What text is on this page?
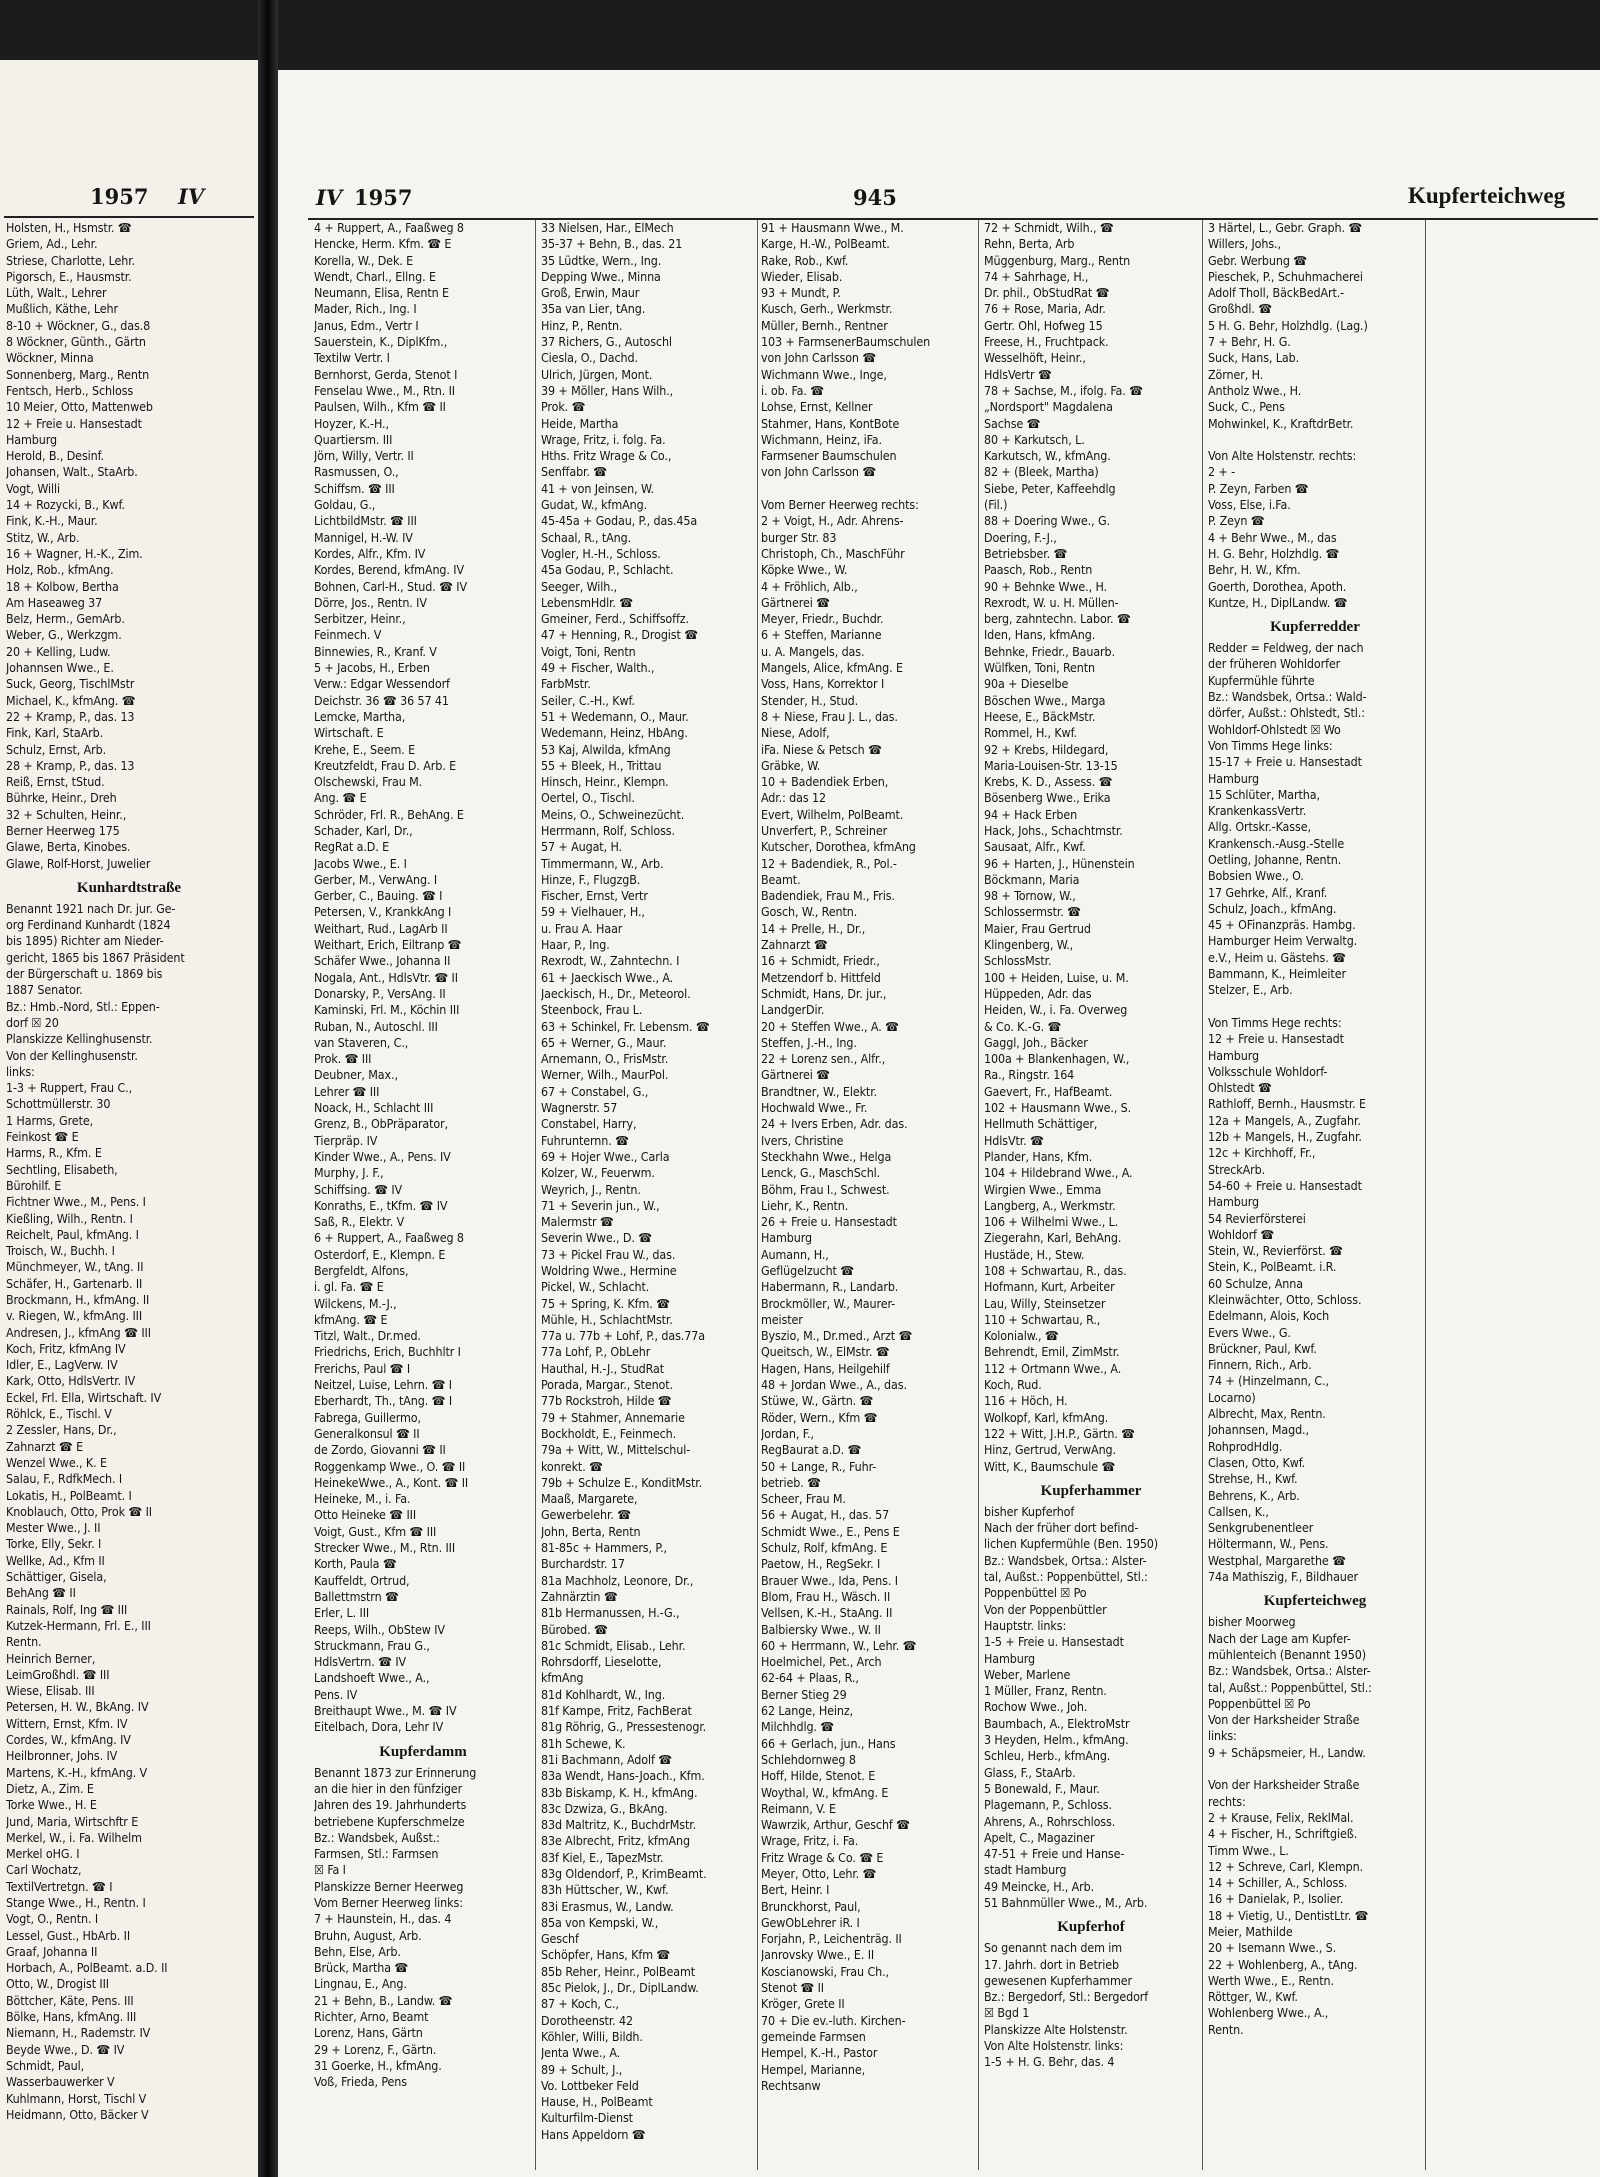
1957 IV
Holsten, H., Hsmstr. ☎
Griem, Ad., Lehr.
Striese, Charlotte, Lehr.
Pigorsch, E., Hausmstr.
Lüth, Walt., Lehrer
Mußlich, Käthe, Lehr
8-10 + Wöckner, G., das.8
8 Wöckner, Günth., Gärtn
Wöckner, Minna
Sonnenberg, Marg., Rentn
Fentsch, Herb., Schloss
10 Meier, Otto, Mattenweb
12 + Freie u. Hansestadt
Hamburg
Herold, B., Desinf.
Johansen, Walt., StaArb.
Vogt, Willi
14 + Rozycki, B., Kwf.
Fink, K.-H., Maur.
Stitz, W., Arb.
16 + Wagner, H.-K., Zim.
Holz, Rob., kfmAng.
18 + Kolbow, Bertha
Am Haseaweg 37
Belz, Herm., GemArb.
Weber, G., Werkzgm.
20 + Kelling, Ludw.
Johannsen Wwe., E.
Suck, Georg, TischlMstr
Michael, K., kfmAng. ☎
22 + Kramp, P., das. 13
Fink, Karl, StaArb.
Schulz, Ernst, Arb.
28 + Kramp, P., das. 13
Reiß, Ernst, tStud.
Bührke, Heinr., Dreh
32 + Schulten, Heinr.,
Berner Heerweg 175
Glawe, Berta, Kinobes.
Glawe, Rolf-Horst, Juwelier
Kunhardtstraße
Benannt 1921 nach Dr. jur. Ge-
org Ferdinand Kunhardt (1824
bis 1895) Richter am Nieder-
gericht, 1865 bis 1867 Präsident
der Bürgerschaft u. 1869 bis
1887 Senator.
Bz.: Hmb.-Nord, Stl.: Eppen-
dorf ☒ 20
Planskizze Kellinghusenstr.
Von der Kellinghusenstr.
links:
1-3 + Ruppert, Frau C.,
Schottmüllerstr. 30
1 Harms, Grete,
Feinkost ☎ E
Harms, R., Kfm. E
Sechtling, Elisabeth,
Bürohilf. E
Fichtner Wwe., M., Pens. I
Kießling, Wilh., Rentn. I
Reichelt, Paul, kfmAng. I
Troisch, W., Buchh. I
Münchmeyer, W., tAng. II
Schäfer, H., Gartenarb. II
Brockmann, H., kfmAng. II
v. Riegen, W., kfmAng. III
Andresen, J., kfmAng ☎ III
Koch, Fritz, kfmAng IV
Idler, E., LagVerw. IV
Kark, Otto, HdlsVertr. IV
Eckel, Frl. Ella, Wirtschaft. IV
Röhlck, E., Tischl. V
2 Zessler, Hans, Dr.,
Zahnarzt ☎ E
Wenzel Wwe., K. E
Salau, F., RdfkMech. I
Lokatis, H., PolBeamt. I
Knoblauch, Otto, Prok ☎ II
Mester Wwe., J. II
Torke, Elly, Sekr. I
Wellke, Ad., Kfm II
Schättiger, Gisela,
BehAng ☎ II
Rainals, Rolf, Ing ☎ III
Kutzek-Hermann, Frl. E., III
Rentn.
Heinrich Berner,
LeimGroßhdl. ☎ III
Wiese, Elisab. III
Petersen, H. W., BkAng. IV
Wittern, Ernst, Kfm. IV
Cordes, W., kfmAng. IV
Heilbronner, Johs. IV
Martens, K.-H., kfmAng. V
Dietz, A., Zim. E
Torke Wwe., H. E
Jund, Maria, Wirtschftr E
Merkel, W., i. Fa. Wilhelm
Merkel oHG. I
Carl Wochatz,
TextilVertretgn. ☎ I
Stange Wwe., H., Rentn. I
Vogt, O., Rentn. I
Lessel, Gust., HbArb. II
Graaf, Johanna II
Horbach, A., PolBeamt. a.D. II
Otto, W., Drogist III
Böttcher, Käte, Pens. III
Bölke, Hans, kfmAng. III
Niemann, H., Rademstr. IV
Beyde Wwe., D. ☎ IV
Schmidt, Paul,
Wasserbauwerker V
Kuhlmann, Horst, Tischl V
Heidmann, Otto, Bäcker V
IV 1957	945	Kupferteichweg
4 + Ruppert, A., Faaßweg 8
Hencke, Herm. Kfm. ☎ E
Korella, W., Dek. E
Wendt, Charl., Ellng. E
Neumann, Elisa, Rentn E
Mader, Rich., Ing. I
Janus, Edm., Vertr I
Sauerstein, K., DiplKfm.,
Textilw Vertr. I
Bernhorst, Gerda, Stenot I
Fenselau Wwe., M., Rtn. II
Paulsen, Wilh., Kfm ☎ II
Hoyzer, K.-H.,
Quartiersm. III
Jörn, Willy, Vertr. II
Rasmussen, O.,
Schiffsm. ☎ III
Goldau, G.,
LichtbildMstr. ☎ III
Mannigel, H.-W. IV
Kordes, Alfr., Kfm. IV
Kordes, Berend, kfmAng. IV
Bohnen, Carl-H., Stud. ☎ IV
Dörre, Jos., Rentn. IV
Serbitzer, Heinr.,
Feinmech. V
Binnewies, R., Kranf. V
5 + Jacobs, H., Erben
Verw.: Edgar Wessendorf
Deichstr. 36 ☎ 36 57 41
Lemcke, Martha,
Wirtschaft. E
Krehe, E., Seem. E
Kreutzfeldt, Frau D. Arb. E
Olschewski, Frau M.
Ang. ☎ E
Schröder, Frl. R., BehAng. E
Schader, Karl, Dr.,
RegRat a.D. E
Jacobs Wwe., E. I
Gerber, M., VerwAng. I
Gerber, C., Bauing. ☎ I
Petersen, V., KrankkAng I
Weithart, Rud., LagArb II
Weithart, Erich, Eiltranp ☎
Schäfer Wwe., Johanna II
Nogala, Ant., HdlsVtr. ☎ II
Donarsky, P., VersAng. II
Kaminski, Frl. M., Köchin III
Ruban, N., Autoschl. III
van Staveren, C.,
Prok. ☎ III
Deubner, Max.,
Lehrer ☎ III
Noack, H., Schlacht III
Grenz, B., ObPräparator,
Tierpräp. IV
Kinder Wwe., A., Pens. IV
Murphy, J. F.,
Schiffsing. ☎ IV
Konraths, E., tKfm. ☎ IV
Saß, R., Elektr. V
6 + Ruppert, A., Faaßweg 8
Osterdorf, E., Klempn. E
Bergfeldt, Alfons,
i. gl. Fa. ☎ E
Wilckens, M.-J.,
kfmAng. ☎ E
Titzl, Walt., Dr.med.
Friedrichs, Erich, Buchhltr I
Frerichs, Paul ☎ I
Neitzel, Luise, Lehrn. ☎ I
Eberhardt, Th., tAng. ☎ I
Fabrega, Guillermo,
Generalkonsul ☎ II
de Zordo, Giovanni ☎ II
Roggenkamp Wwe., O. ☎ II
HeinekeWwe., A., Kont. ☎ II
Heineke, M., i. Fa.
Otto Heineke ☎ III
Voigt, Gust., Kfm ☎ III
Strecker Wwe., M., Rtn. III
Korth, Paula ☎
Kauffeldt, Ortrud,
Ballettmstrn ☎
Erler, L. III
Reeps, Wilh., ObStew IV
Struckmann, Frau G.,
HdlsVertrn. ☎ IV
Landshoeft Wwe., A.,
Pens. IV
Breithaupt Wwe., M. ☎ IV
Eitelbach, Dora, Lehr IV
Kupferdamm
Benannt 1873 zur Erinnerung
an die hier in den fünfziger
Jahren des 19. Jahrhunderts
betriebene Kupferschmelze
Bz.: Wandsbek, Außst.:
Farmsen, Stl.: Farmsen
☒ Fa I
Planskizze Berner Heerweg
Vom Berner Heerweg links:
7 + Haunstein, H., das. 4
Bruhn, August, Arb.
Behn, Else, Arb.
Brück, Martha ☎
Lingnau, E., Ang.
21 + Behn, B., Landw. ☎
Richter, Arno, Beamt
Lorenz, Hans, Gärtn
29 + Lorenz, F., Gärtn.
31 Goerke, H., kfmAng.
Voß, Frieda, Pens
33 Nielsen, Har., ElMech
35-37 + Behn, B., das. 21
35 Lüdtke, Wern., Ing.
Depping Wwe., Minna
Groß, Erwin, Maur
35a van Lier, tAng.
Hinz, P., Rentn.
37 Richers, G., Autoschl
Ciesla, O., Dachd.
Ulrich, Jürgen, Mont.
39 + Möller, Hans Wilh.,
Prok. ☎
Heide, Martha
Wrage, Fritz, i. folg. Fa.
Hths. Fritz Wrage & Co.,
Senffabr. ☎
41 + von Jeinsen, W.
Gudat, W., kfmAng.
45-45a + Godau, P., das.45a
Schaal, R., tAng.
Vogler, H.-H., Schloss.
45a Godau, P., Schlacht.
Seeger, Wilh.,
LebensmHdlr. ☎
Gmeiner, Ferd., Schiffsoffz.
47 + Henning, R., Drogist ☎
Voigt, Toni, Rentn
49 + Fischer, Walth.,
FarbMstr.
Seiler, C.-H., Kwf.
51 + Wedemann, O., Maur.
Wedemann, Heinz, HbAng.
53 Kaj, Alwilda, kfmAng
55 + Bleek, H., Trittau
Hinsch, Heinr., Klempn.
Oertel, O., Tischl.
Meins, O., Schweinezücht.
Herrmann, Rolf, Schloss.
57 + Augat, H.
Timmermann, W., Arb.
Hinze, F., FlugzgB.
Fischer, Ernst, Vertr
59 + Vielhauer, H.,
u. Frau A. Haar
Haar, P., Ing.
Rexrodt, W., Zahntechn. I
61 + Jaeckisch Wwe., A.
Jaeckisch, H., Dr., Meteorol.
Steenbock, Frau L.
63 + Schinkel, Fr. Lebensm. ☎
65 + Werner, G., Maur.
Arnemann, O., FrisMstr.
Werner, Wilh., MaurPol.
67 + Constabel, G.,
Wagnerstr. 57
Constabel, Harry,
Fuhrunternn. ☎
69 + Hojer Wwe., Carla
Kolzer, W., Feuerwm.
Weyrich, J., Rentn.
71 + Severin jun., W.,
Malermstr ☎
Severin Wwe., D. ☎
73 + Pickel Frau W., das.
Woldring Wwe., Hermine
Pickel, W., Schlacht.
75 + Spring, K. Kfm. ☎
Mühle, H., SchlachtMstr.
77a u. 77b + Lohf, P., das.77a
77a Lohf, P., ObLehr
Hauthal, H.-J., StudRat
Porada, Margar., Stenot.
77b Rockstroh, Hilde ☎
79 + Stahmer, Annemarie
Bockholdt, E., Feinmech.
79a + Witt, W., Mittelschul-
konrekt. ☎
79b + Schulze E., KonditMstr.
Maaß, Margarete,
Gewerbelehr. ☎
John, Berta, Rentn
81-85c + Hammers, P.,
Burchardstr. 17
81a Machholz, Leonore, Dr.,
Zahnärztin ☎
81b Hermanussen, H.-G.,
Bürobed. ☎
81c Schmidt, Elisab., Lehr.
Rohrsdorff, Lieselotte,
kfmAng
81d Kohlhardt, W., Ing.
81f Kampe, Fritz, FachBerat
81g Röhrig, G., Pressestenogr.
81h Schewe, K.
81i Bachmann, Adolf ☎
83a Wendt, Hans-Joach., Kfm.
83b Biskamp, K. H., kfmAng.
83c Dzwiza, G., BkAng.
83d Maltritz, K., BuchdrMstr.
83e Albrecht, Fritz, kfmAng
83f Kiel, E., TapezMstr.
83g Oldendorf, P., KrimBeamt.
83h Hüttscher, W., Kwf.
83i Erasmus, W., Landw.
85a von Kempski, W.,
Geschf
Schöpfer, Hans, Kfm ☎
85b Reher, Heinr., PolBeamt
85c Pielok, J., Dr., DiplLandw.
87 + Koch, C.,
Dorotheenstr. 42
Köhler, Willi, Bildh.
Jenta Wwe., A.
89 + Schult, J.,
Vo. Lottbeker Feld
Hause, H., PolBeamt
Kulturfilm-Dienst
Hans Appeldorn ☎
91 + Hausmann Wwe., M.
Karge, H.-W., PolBeamt.
Rake, Rob., Kwf.
Wieder, Elisab.
93 + Mundt, P.
Kusch, Gerh., Werkmstr.
Müller, Bernh., Rentner
103 + FarmsenerBaumschulen
von John Carlsson ☎
Wichmann Wwe., Inge,
i. ob. Fa. ☎
Lohse, Ernst, Kellner
Stahmer, Hans, KontBote
Wichmann, Heinz, iFa.
Farmsener Baumschulen
von John Carlsson ☎

Vom Berner Heerweg rechts:
2 + Voigt, H., Adr. Ahrens-
burger Str. 83
Christoph, Ch., MaschFühr
Köpke Wwe., W.
4 + Fröhlich, Alb.,
Gärtnerei ☎
Meyer, Friedr., Buchdr.
6 + Steffen, Marianne
u. A. Mangels, das.
Mangels, Alice, kfmAng. E
Voss, Hans, Korrektor I
Stender, H., Stud.
8 + Niese, Frau J. L., das.
Niese, Adolf,
iFa. Niese & Petsch ☎
Gräbke, W.
10 + Badendiek Erben,
Adr.: das 12
Evert, Wilhelm, PolBeamt.
Unverfert, P., Schreiner
Kutscher, Dorothea, kfmAng
12 + Badendiek, R., Pol.-
Beamt.
Badendiek, Frau M., Fris.
Gosch, W., Rentn.
14 + Prelle, H., Dr.,
Zahnarzt ☎
16 + Schmidt, Friedr.,
Metzendorf b. Hittfeld
Schmidt, Hans, Dr. jur.,
LandgerDir.
20 + Steffen Wwe., A. ☎
Steffen, J.-H., Ing.
22 + Lorenz sen., Alfr.,
Gärtnerei ☎
Brandtner, W., Elektr.
Hochwald Wwe., Fr.
24 + Ivers Erben, Adr. das.
Ivers, Christine
Steckhahn Wwe., Helga
Lenck, G., MaschSchl.
Böhm, Frau I., Schwest.
Liehr, K., Rentn.
26 + Freie u. Hansestadt
Hamburg
Aumann, H.,
Geflügelzucht ☎
Habermann, R., Landarb.
Brockmöller, W., Maurer-
meister
Byszio, M., Dr.med., Arzt ☎
Queitsch, W., ElMstr. ☎
Hagen, Hans, Heilgehilf
48 + Jordan Wwe., A., das.
Stüwe, W., Gärtn. ☎
Röder, Wern., Kfm ☎
Jordan, F.,
RegBaurat a.D. ☎
50 + Lange, R., Fuhr-
betrieb. ☎
Scheer, Frau M.
56 + Augat, H., das. 57
Schmidt Wwe., E., Pens E
Schulz, Rolf, kfmAng. E
Paetow, H., RegSekr. I
Brauer Wwe., Ida, Pens. I
Blom, Frau H., Wäsch. II
Vellsen, K.-H., StaAng. II
Balbiersky Wwe., W. II
60 + Herrmann, W., Lehr. ☎
Hoelmichel, Pet., Arch
62-64 + Plaas, R.,
Berner Stieg 29
62 Lange, Heinz,
Milchhdlg. ☎
66 + Gerlach, jun., Hans
Schlehdornweg 8
Hoff, Hilde, Stenot. E
Woythal, W., kfmAng. E
Reimann, V. E
Wawrzik, Arthur, Geschf ☎
Wrage, Fritz, i. Fa.
Fritz Wrage & Co. ☎ E
Meyer, Otto, Lehr. ☎
Bert, Heinr. I
Brunckhorst, Paul,
GewObLehrer iR. I
Forjahn, P., Leichenträg. II
Janrovsky Wwe., E. II
Koscianowski, Frau Ch.,
Stenot ☎ II
Kröger, Grete II
70 + Die ev.-luth. Kirchen-
gemeinde Farmsen
Hempel, K.-H., Pastor
Hempel, Marianne,
Rechtsanw
72 + Schmidt, Wilh., ☎
Rehn, Berta, Arb
Müggenburg, Marg., Rentn
74 + Sahrhage, H.,
Dr. phil., ObStudRat ☎
76 + Rose, Maria, Adr.
Gertr. Ohl, Hofweg 15
Freese, H., Fruchtpack.
Wesselhöft, Heinr.,
HdlsVertr ☎
78 + Sachse, M., ifolg. Fa. ☎
„Nordsport" Magdalena
Sachse ☎
80 + Karkutsch, L.
Karkutsch, W., kfmAng.
82 + (Bleek, Martha)
Siebe, Peter, Kaffeehdlg
(Fil.)
88 + Doering Wwe., G.
Doering, F.-J.,
Betriebsber. ☎
Paasch, Rob., Rentn
90 + Behnke Wwe., H.
Rexrodt, W. u. H. Müllen-
berg, zahntechn. Labor. ☎
Iden, Hans, kfmAng.
Behnke, Friedr., Bauarb.
Wülfken, Toni, Rentn
90a + Dieselbe
Böschen Wwe., Marga
Heese, E., BäckMstr.
Rommel, H., Kwf.
92 + Krebs, Hildegard,
Maria-Louisen-Str. 13-15
Krebs, K. D., Assess. ☎
Bösenberg Wwe., Erika
94 + Hack Erben
Hack, Johs., Schachtmstr.
Sausaat, Alfr., Kwf.
96 + Harten, J., Hünenstein
Böckmann, Maria
98 + Tornow, W.,
Schlossermstr. ☎
Maier, Frau Gertrud
Klingenberg, W.,
SchlossMstr.
100 + Heiden, Luise, u. M.
Hüppeden, Adr. das
Heiden, W., i. Fa. Overweg
& Co. K.-G. ☎
Gaggl, Joh., Bäcker
100a + Blankenhagen, W.,
Ra., Ringstr. 164
Gaevert, Fr., HafBeamt.
102 + Hausmann Wwe., S.
Hellmuth Schättiger,
HdlsVtr. ☎
Plander, Hans, Kfm.
104 + Hildebrand Wwe., A.
Wirgien Wwe., Emma
Langberg, A., Werkmstr.
106 + Wilhelmi Wwe., L.
Ziegerahn, Karl, BehAng.
Hustäde, H., Stew.
108 + Schwartau, R., das.
Hofmann, Kurt, Arbeiter
Lau, Willy, Steinsetzer
110 + Schwartau, R.,
Kolonialw., ☎
Behrendt, Emil, ZimMstr.
112 + Ortmann Wwe., A.
Koch, Rud.
116 + Höch, H.
Wolkopf, Karl, kfmAng.
122 + Witt, J.H.P., Gärtn. ☎
Hinz, Gertrud, VerwAng.
Witt, K., Baumschule ☎
Kupferhammer
bisher Kupferhof
Nach der früher dort befind-
lichen Kupfermühle (Ben. 1950)
Bz.: Wandsbek, Ortsa.: Alster-
tal, Außst.: Poppenbüttel, Stl.:
Poppenbüttel ☒ Po
Von der Poppenbüttler
Hauptstr. links:
1-5 + Freie u. Hansestadt
Hamburg
Weber, Marlene
1 Müller, Franz, Rentn.
Rochow Wwe., Joh.
Baumbach, A., ElektroMstr
3 Heyden, Helm., kfmAng.
Schleu, Herb., kfmAng.
Glass, F., StaArb.
5 Bonewald, F., Maur.
Plagemann, P., Schloss.
Ahrens, A., Rohrschloss.
Apelt, C., Magaziner
47-51 + Freie und Hanse-
stadt Hamburg
49 Meincke, H., Arb.
51 Bahnmüller Wwe., M., Arb.
Kupferhof
So genannt nach dem im
17. Jahrh. dort in Betrieb
gewesenen Kupferhammer
Bz.: Bergedorf, Stl.: Bergedorf
☒ Bgd 1
Planskizze Alte Holstenstr.
Von Alte Holstenstr. links:
1-5 + H. G. Behr, das. 4
3 Härtel, L., Gebr. Graph. ☎
Willers, Johs.,
Gebr. Werbung ☎
Pieschek, P., Schuhmacherei
Adolf Tholl, BäckBedArt.-
Großhdl. ☎
5 H. G. Behr, Holzhdlg. (Lag.)
7 + Behr, H. G.
Suck, Hans, Lab.
Zörner, H.
Antholz Wwe., H.
Suck, C., Pens
Mohwinkel, K., KraftdrBetr.

Von Alte Holstenstr. rechts:
2 + -
P. Zeyn, Farben ☎
Voss, Else, i.Fa.
P. Zeyn ☎
4 + Behr Wwe., M., das
H. G. Behr, Holzhdlg. ☎
Behr, H. W., Kfm.
Goerth, Dorothea, Apoth.
Kuntze, H., DiplLandw. ☎
Kupferredder
Redder = Feldweg, der nach
der früheren Wohldorfer
Kupfermühle führte
Bz.: Wandsbek, Ortsa.: Wald-
dörfer, Außst.: Ohlstedt, Stl.:
Wohldorf-Ohlstedt ☒ Wo
Von Timms Hege links:
15-17 + Freie u. Hansestadt
Hamburg
15 Schlüter, Martha,
KrankenkassVertr.
Allg. Ortskr.-Kasse,
Krankensch.-Ausg.-Stelle
Oetling, Johanne, Rentn.
Bobsien Wwe., O.
17 Gehrke, Alf., Kranf.
Schulz, Joach., kfmAng.
45 + OFinanzpräs. Hambg.
Hamburger Heim Verwaltg.
e.V., Heim u. Gästehs. ☎
Bammann, K., Heimleiter
Stelzer, E., Arb.

Von Timms Hege rechts:
12 + Freie u. Hansestadt
Hamburg
Volksschule Wohldorf-
Ohlstedt ☎
Rathloff, Bernh., Hausmstr. E
12a + Mangels, A., Zugfahr.
12b + Mangels, H., Zugfahr.
12c + Kirchhoff, Fr.,
StreckArb.
54-60 + Freie u. Hansestadt
Hamburg
54 Revierförsterei
Wohldorf ☎
Stein, W., Revierförst. ☎
Stein, K., PolBeamt. i.R.
60 Schulze, Anna
Kleinwächter, Otto, Schloss.
Edelmann, Alois, Koch
Evers Wwe., G.
Brückner, Paul, Kwf.
Finnern, Rich., Arb.
74 + (Hinzelmann, C.,
Locarno)
Albrecht, Max, Rentn.
Johannsen, Magd.,
RohprodHdlg.
Clasen, Otto, Kwf.
Strehse, H., Kwf.
Behrens, K., Arb.
Callsen, K.,
Senkgrubenentleer
Höltermann, W., Pens.
Westphal, Margarethe ☎
74a Mathiszig, F., Bildhauer
Kupferteichweg
bisher Moorweg
Nach der Lage am Kupfer-
mühlenteich (Benannt 1950)
Bz.: Wandsbek, Ortsa.: Alster-
tal, Außst.: Poppenbüttel, Stl.:
Poppenbüttel ☒ Po
Von der Harksheider Straße
links:
9 + Schäpsmeier, H., Landw.

Von der Harksheider Straße
rechts:
2 + Krause, Felix, ReklMal.
4 + Fischer, H., Schriftgieß.
Timm Wwe., L.
12 + Schreve, Carl, Klempn.
14 + Schiller, A., Schloss.
16 + Danielak, P., Isolier.
18 + Vietig, U., DentistLtr. ☎
Meier, Mathilde
20 + Isemann Wwe., S.
22 + Wohlenberg, A., tAng.
Werth Wwe., E., Rentn.
Röttger, W., Kwf.
Wohlenberg Wwe., A.,
Rentn.
